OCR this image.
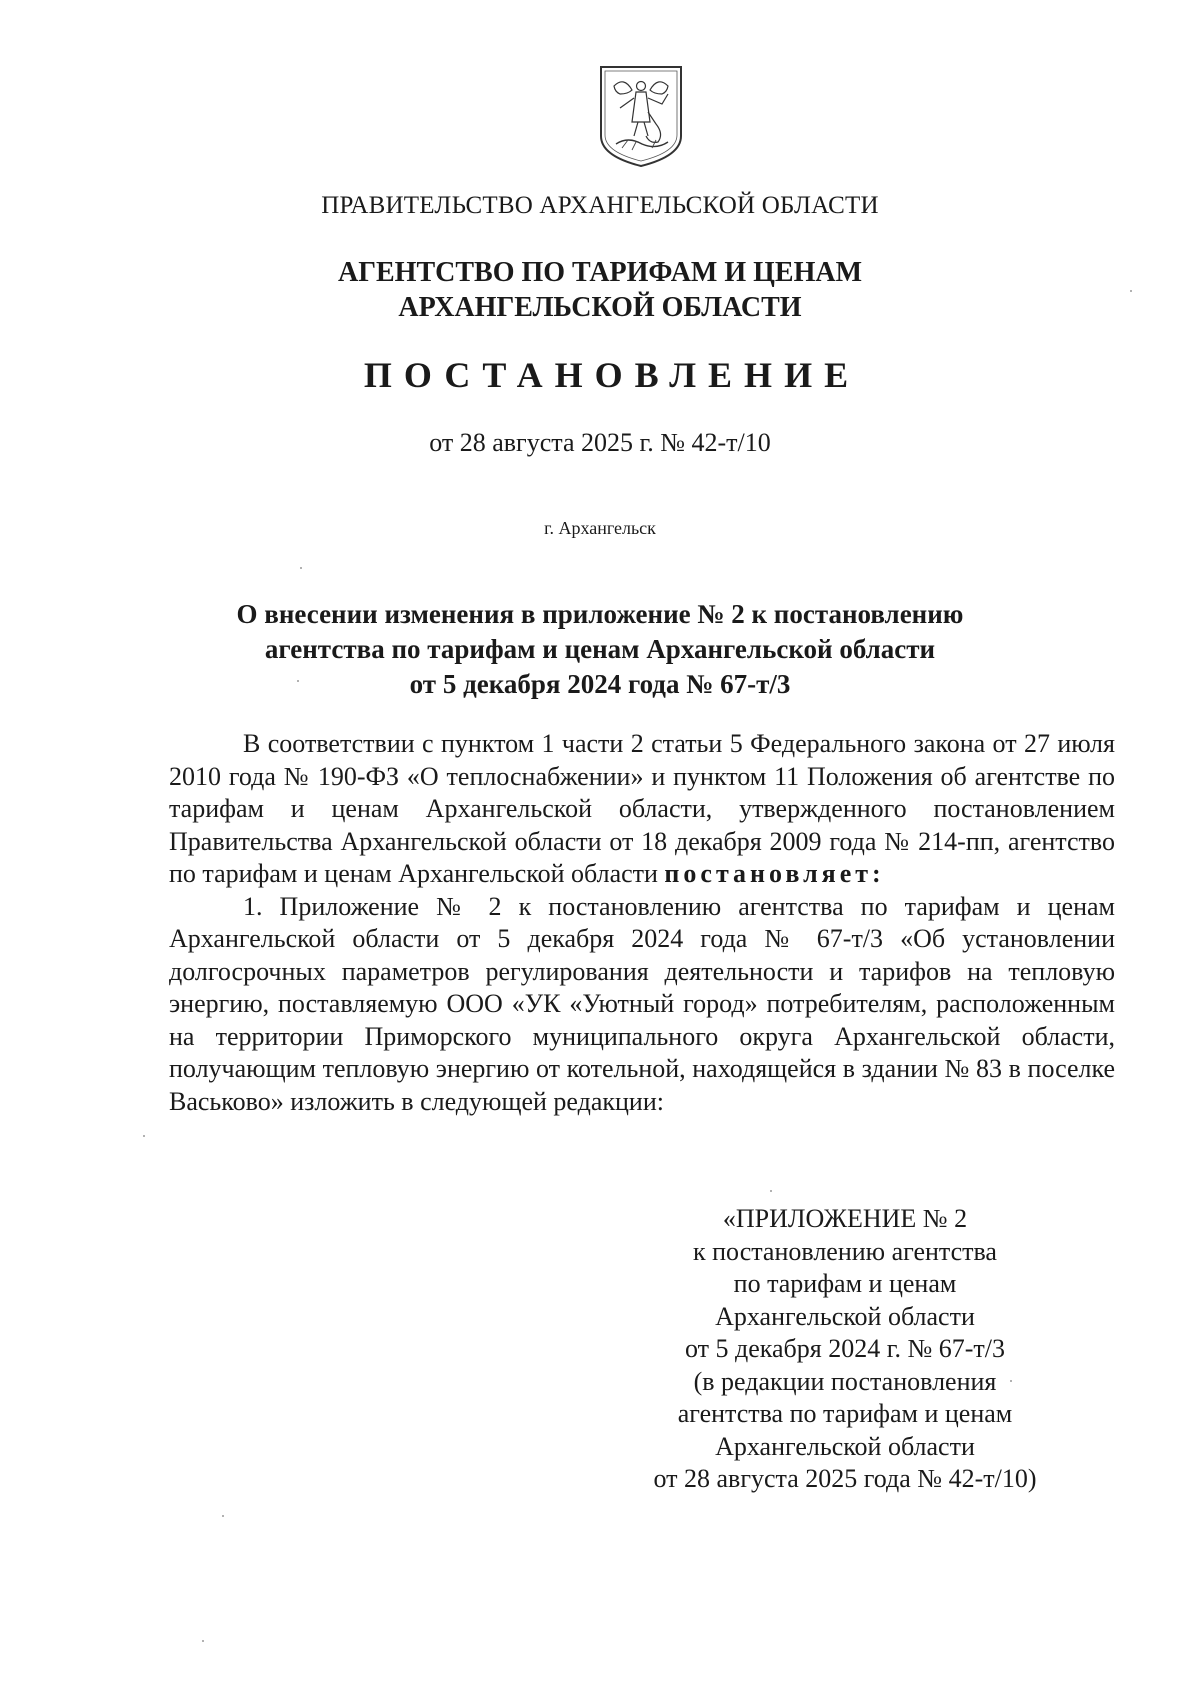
ПРАВИТЕЛЬСТВО АРХАНГЕЛЬСКОЙ ОБЛАСТИ

АГЕНТСТВО ПО ТАРИФАМ И ЦЕНАМ
АРХАНГЕЛЬСКОЙ ОБЛАСТИ
ПОСТАНОВЛЕНИЕ

от 28 августа 2025 г. № 42-т/10

г. Архангельск

О внесении изменения в приложение № 2 к постановлению
агентства по тарифам и ценам Архангельской области
от 5 декабря 2024 года № 67-т/3

В соответствии с пунктом 1 части 2 статьи 5 Федерального закона от 27 июля 2010 года № 190-ФЗ «О теплоснабжении» и пунктом 11 Положения об агентстве по тарифам и ценам Архангельской области, утвержденного постановлением Правительства Архангельской области от 18 декабря 2009 года № 214-пп, агентство по тарифам и ценам Архангельской области постановляет:

1. Приложение № 2 к постановлению агентства по тарифам и ценам Архангельской области от 5 декабря 2024 года № 67-т/3 «Об установлении долгосрочных параметров регулирования деятельности и тарифов на тепловую энергию, поставляемую ООО «УК «Уютный город» потребителям, расположенным на территории Приморского муниципального округа Архангельской области, получающим тепловую энергию от котельной, находящейся в здании № 83 в поселке Васьково» изложить в следующей редакции:

«ПРИЛОЖЕНИЕ № 2
к постановлению агентства
по тарифам и ценам
Архангельской области
от 5 декабря 2024 г. № 67-т/3
(в редакции постановления
агентства по тарифам и ценам
Архангельской области
от 28 августа 2025 года № 42-т/10)
